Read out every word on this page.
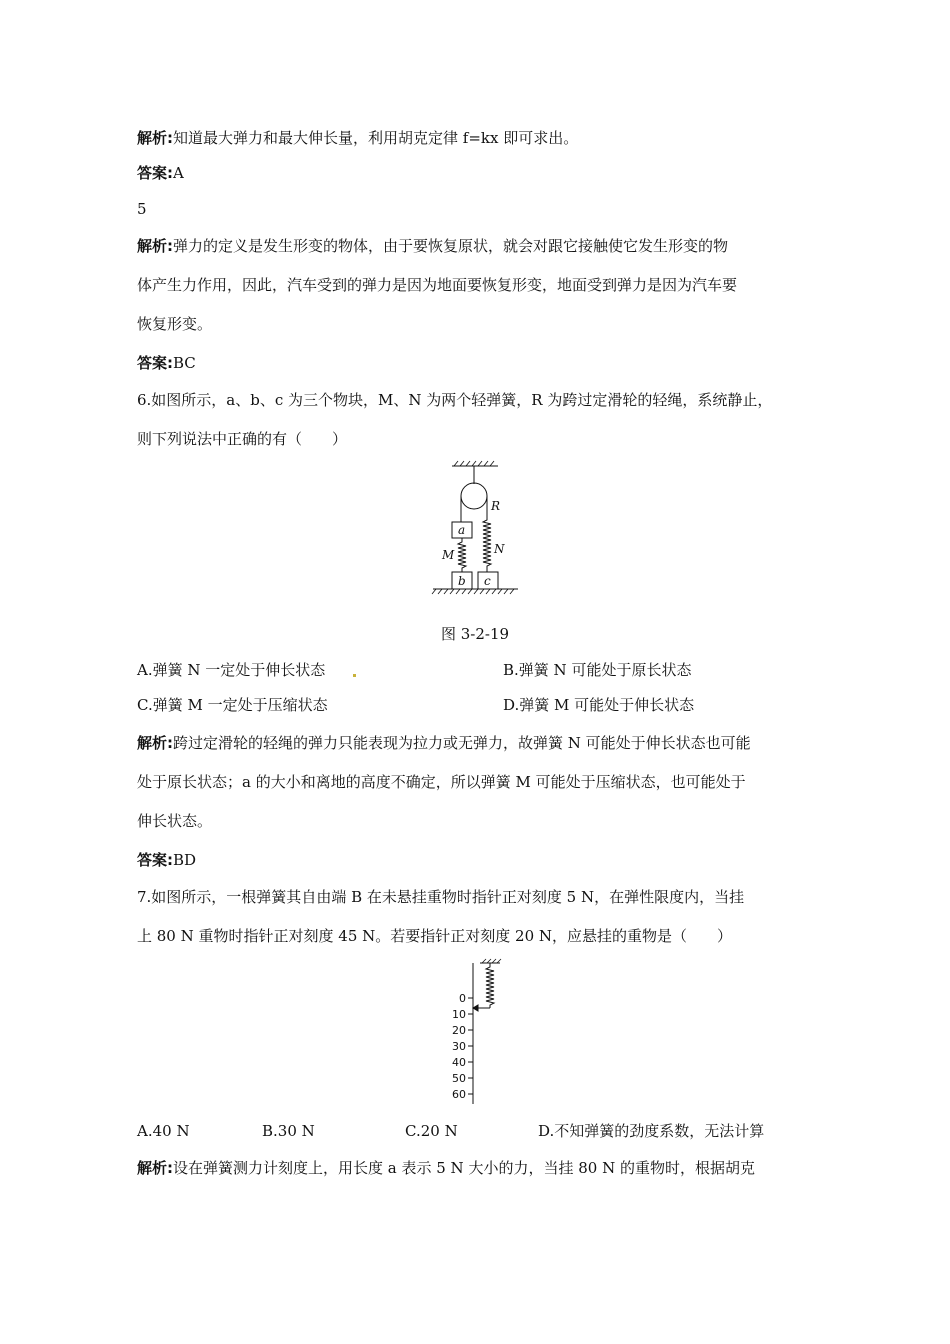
解析:知道最大弹力和最大伸长量，利用胡克定律 f=kx 即可求出。
答案:A
5
解析:弹力的定义是发生形变的物体，由于要恢复原状，就会对跟它接触使它发生形变的物
体产生力作用，因此，汽车受到的弹力是因为地面要恢复形变，地面受到弹力是因为汽车要
恢复形变。
答案:BC
6.如图所示，a、b、c 为三个物块，M、N 为两个轻弹簧，R 为跨过定滑轮的轻绳，系统静止，
则下列说法中正确的有（　　）
R
a
M	N
b c
图 3-2-19
A.弹簧 N 一定处于伸长状态	B.弹簧 N 可能处于原长状态
C.弹簧 M 一定处于压缩状态	D.弹簧 M 可能处于伸长状态
解析:跨过定滑轮的轻绳的弹力只能表现为拉力或无弹力，故弹簧 N 可能处于伸长状态也可能
处于原长状态；a 的大小和离地的高度不确定，所以弹簧 M 可能处于压缩状态，也可能处于
伸长状态。
答案:BD
7.如图所示，一根弹簧其自由端 B 在未悬挂重物时指针正对刻度 5 N，在弹性限度内，当挂
上 80 N 重物时指针正对刻度 45 N。若要指针正对刻度 20 N，应悬挂的重物是（　　）
0
10
20
30
40
50
60
A.40 N	B.30 N	C.20 N	D.不知弹簧的劲度系数，无法计算
解析:设在弹簧测力计刻度上，用长度 a 表示 5 N 大小的力，当挂 80 N 的重物时，根据胡克
